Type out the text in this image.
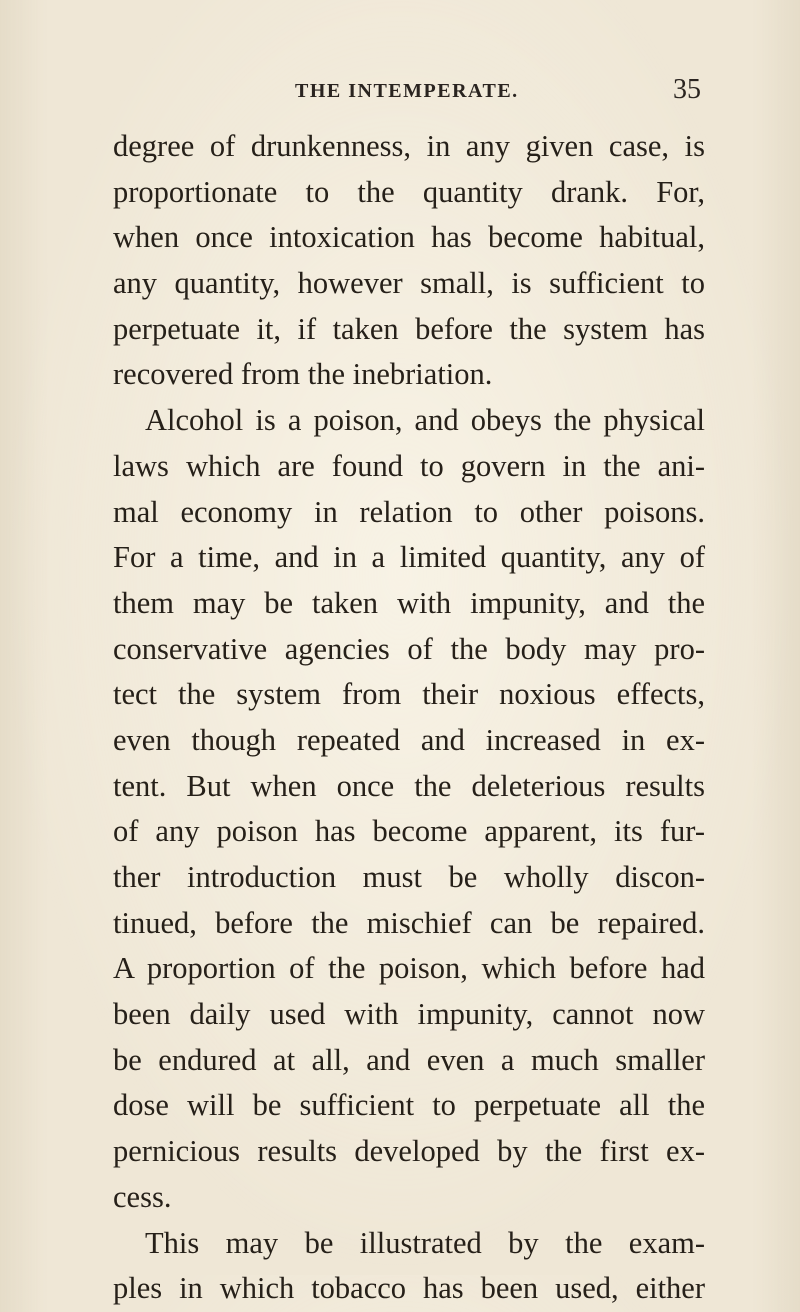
THE INTEMPERATE.	35
degree of drunkenness, in any given case, is
proportionate to the quantity drank. For,
when once intoxication has become habitual,
any quantity, however small, is sufficient to
perpetuate it, if taken before the system has
recovered from the inebriation.
Alcohol is a poison, and obeys the physical
laws which are found to govern in the ani-
mal economy in relation to other poisons.
For a time, and in a limited quantity, any of
them may be taken with impunity, and the
conservative agencies of the body may pro-
tect the system from their noxious effects,
even though repeated and increased in ex-
tent. But when once the deleterious results
of any poison has become apparent, its fur-
ther introduction must be wholly discon-
tinued, before the mischief can be repaired.
A proportion of the poison, which before had
been daily used with impunity, cannot now
be endured at all, and even a much smaller
dose will be sufficient to perpetuate all the
pernicious results developed by the first ex-
cess.
This may be illustrated by the exam-
ples in which tobacco has been used, either
